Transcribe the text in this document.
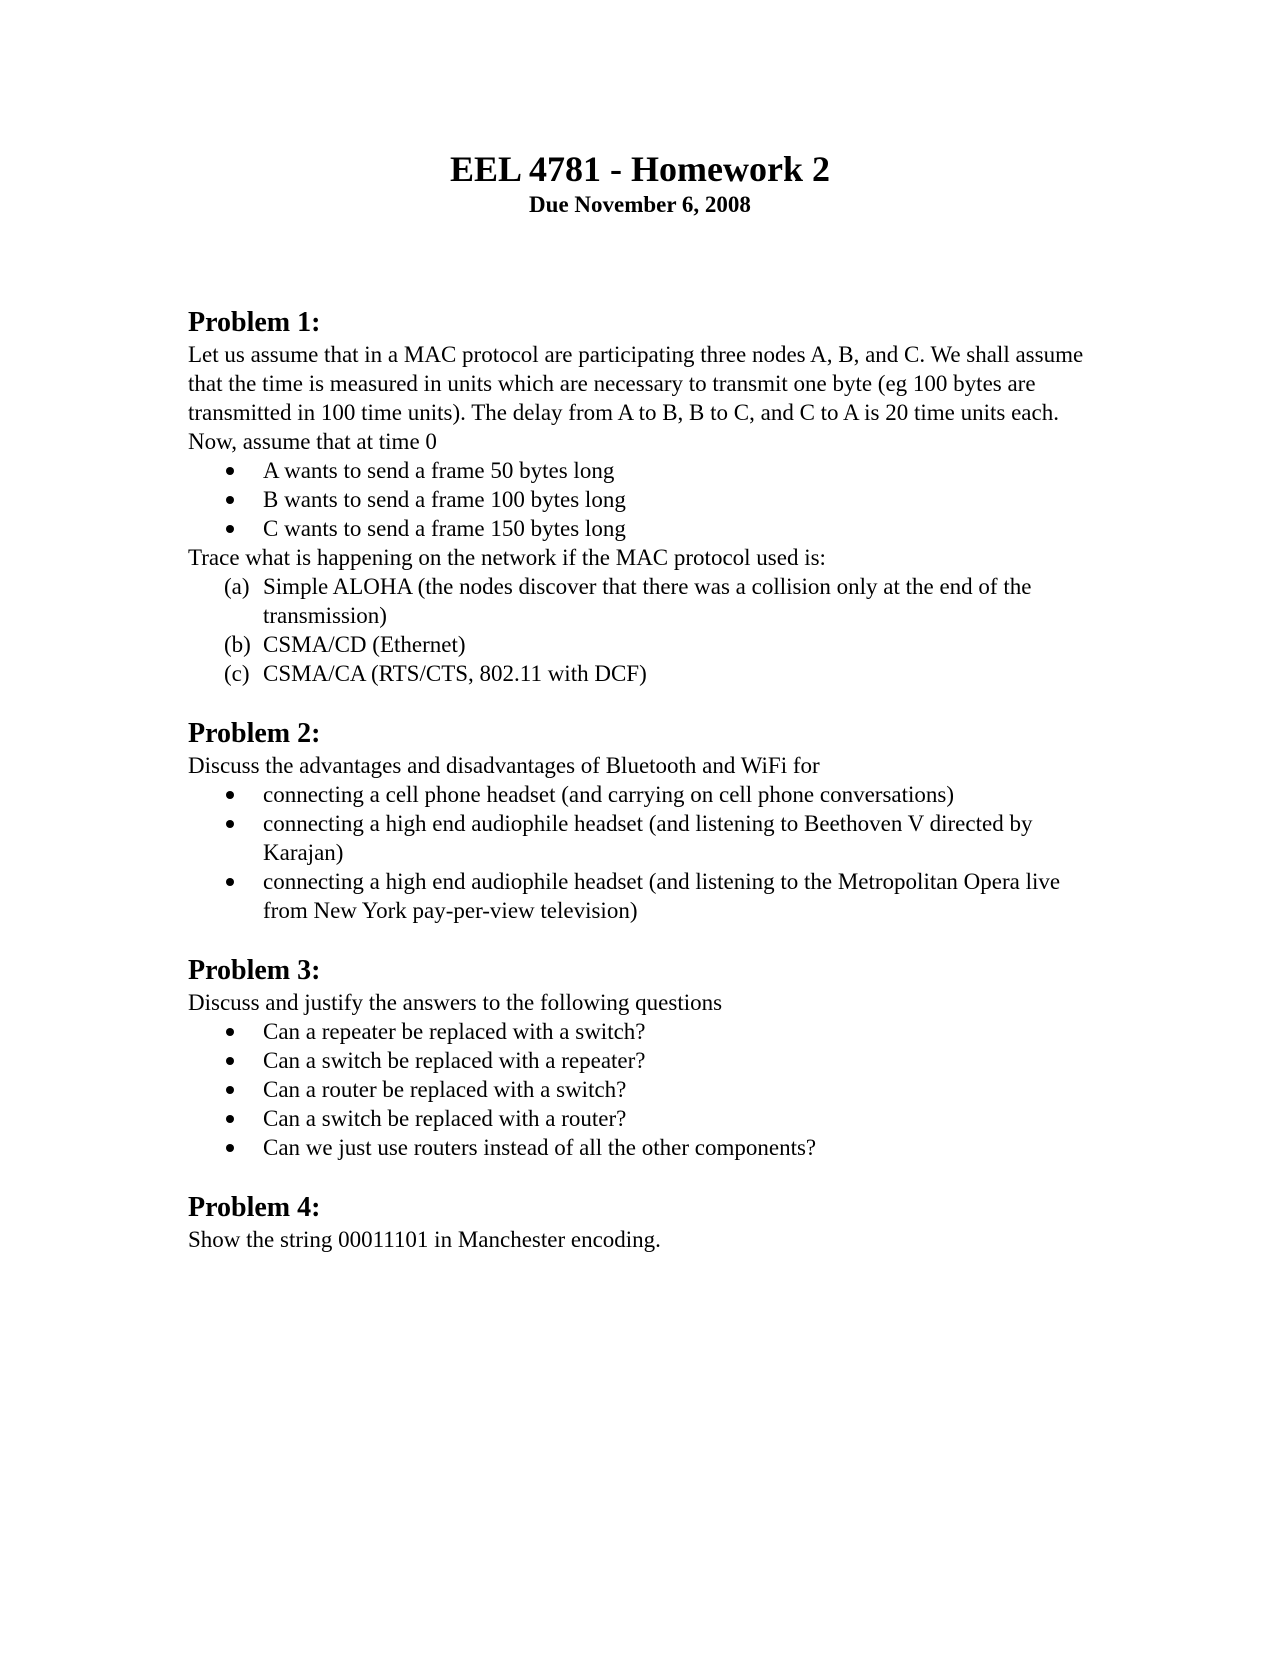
EEL 4781 - Homework 2

Due November 6, 2008

Problem 1:

Let us assume that in a MAC protocol are participating three nodes A, B, and C. We shall assume that the time is measured in units which are necessary to transmit one byte (eg 100 bytes are transmitted in 100 time units). The delay from A to B, B to C, and C to A is 20 time units each.

Now, assume that at time 0

A wants to send a frame 50 bytes long
B wants to send a frame 100 bytes long
C wants to send a frame 150 bytes long

Trace what is happening on the network if the MAC protocol used is:

(a) Simple ALOHA (the nodes discover that there was a collision only at the end of the transmission)
(b) CSMA/CD (Ethernet)
(c) CSMA/CA (RTS/CTS, 802.11 with DCF)

Problem 2:

Discuss the advantages and disadvantages of Bluetooth and WiFi for

connecting a cell phone headset (and carrying on cell phone conversations)
connecting a high end audiophile headset (and listening to Beethoven V directed by Karajan)
connecting a high end audiophile headset (and listening to the Metropolitan Opera live from New York pay-per-view television)

Problem 3:

Discuss and justify the answers to the following questions

Can a repeater be replaced with a switch?
Can a switch be replaced with a repeater?
Can a router be replaced with a switch?
Can a switch be replaced with a router?
Can we just use routers instead of all the other components?

Problem 4:

Show the string 00011101 in Manchester encoding.
